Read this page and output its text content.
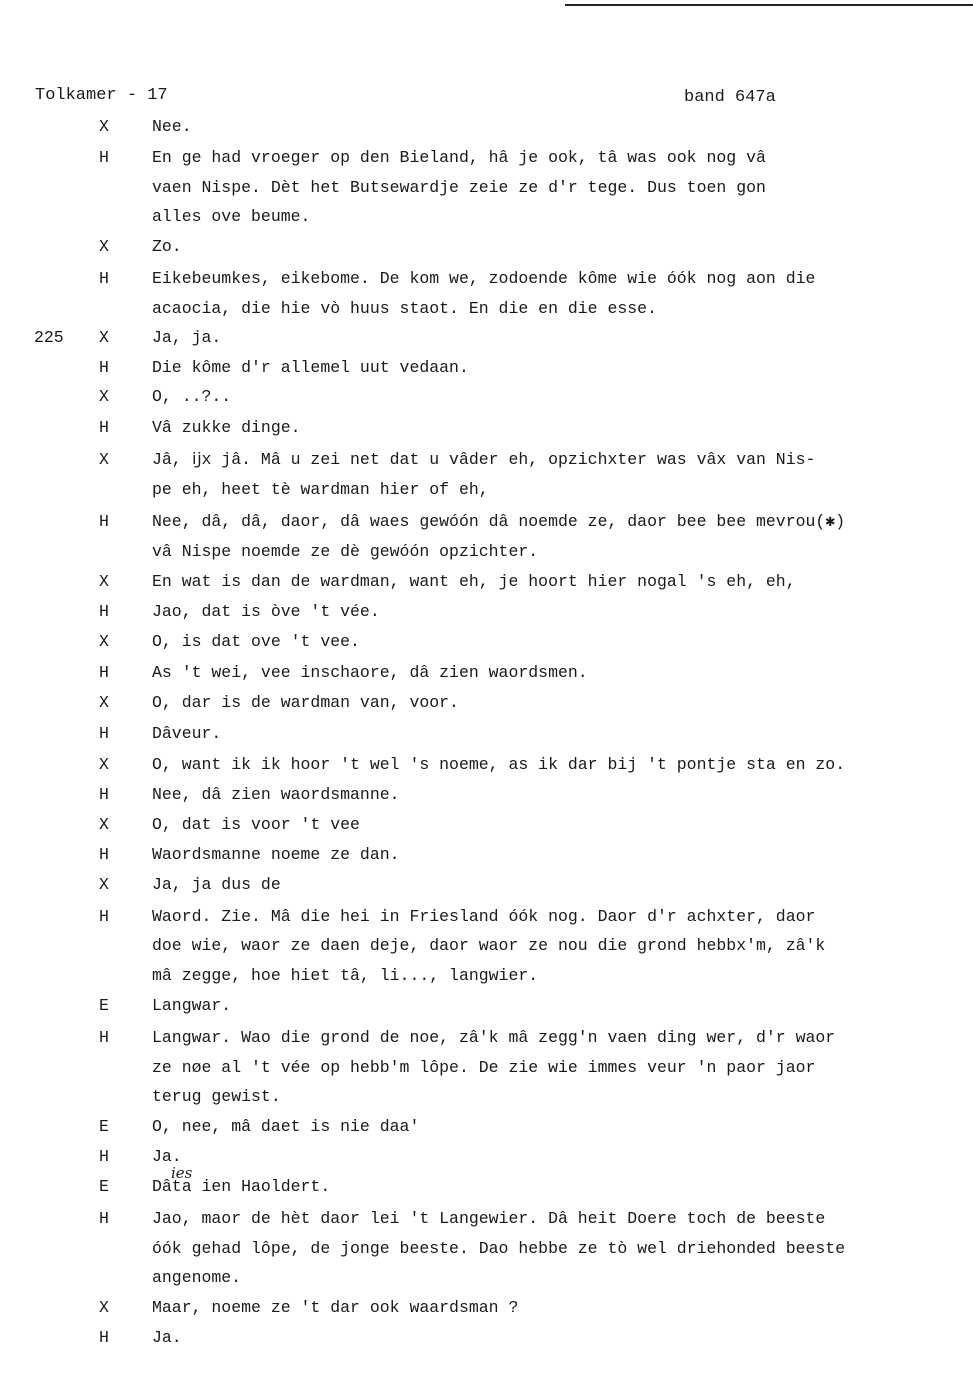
Tolkamer - 17	band 647a
X	Nee.
H	En ge had vroeger op den Bieland, hâ je ook, tâ was ook nog vâ
vaen Nispe. Dèt het Butsewardje zeie ze d'r tege. Dus toen gon
alles ove beume.
X	Zo.
H	Eikebeumkes, eikebome. De kom we, zodoende kôme wie óók nog aon die
acaocia, die hie vò huus staot. En die en die esse.
225	X	Ja, ja.
H	Die kôme d'r allemel uut vedaan.
X	O, ..?..
H	Vâ zukke dinge.
X	Jâ, ĳx jâ. Mâ u zei net dat u vâder eh, opzichxter was vâx van Nis-
pe eh, heet tè wardman hier of eh,
H	Nee, dâ, dâ, daor, dâ waes gewóón dâ noemde ze, daor bee bee mevrou(✱)
vâ Nispe noemde ze dè gewóón opzichter.
X	En wat is dan de wardman, want eh, je hoort hier nogal 's eh, eh,
H	Jao, dat is òve 't vée.
X	O, is dat ove 't vee.
H	As 't wei, vee inschaore, dâ zien waordsmen.
X	O, dar is de wardman van, voor.
H	Dâveur.
X	O, want ik ik hoor 't wel 's noeme, as ik dar bij 't pontje sta en zo.
H	Nee, dâ zien waordsmanne.
X	O, dat is voor 't vee
H	Waordsmanne noeme ze dan.
X	Ja, ja dus de
H	Waord. Zie. Mâ die hei in Friesland óók nog. Daor d'r achxter, daor
doe wie, waor ze daen deje, daor waor ze nou die grond hebbx'm, zâ'k
mâ zegge, hoe hiet tâ, li..., langwier.
E	Langwar.
H	Langwar. Wao die grond de noe, zâ'k mâ zegg'n vaen ding wer, d'r waor
ze nøe al 't vée op hebb'm lôpe. De zie wie immes veur 'n paor jaor
terug gewist.
E	O, nee, mâ daet is nie daa'
H	Ja.
E	Dâta ien Haoldert.
H	Jao, maor de hèt daor lei 't Langewier. Dâ heit Doere toch de beeste
óók gehad lôpe, de jonge beeste. Dao hebbe ze tò wel driehonded beeste
angenome.
X	Maar, noeme ze 't dar ook waardsman ?
H	Ja.
ies
